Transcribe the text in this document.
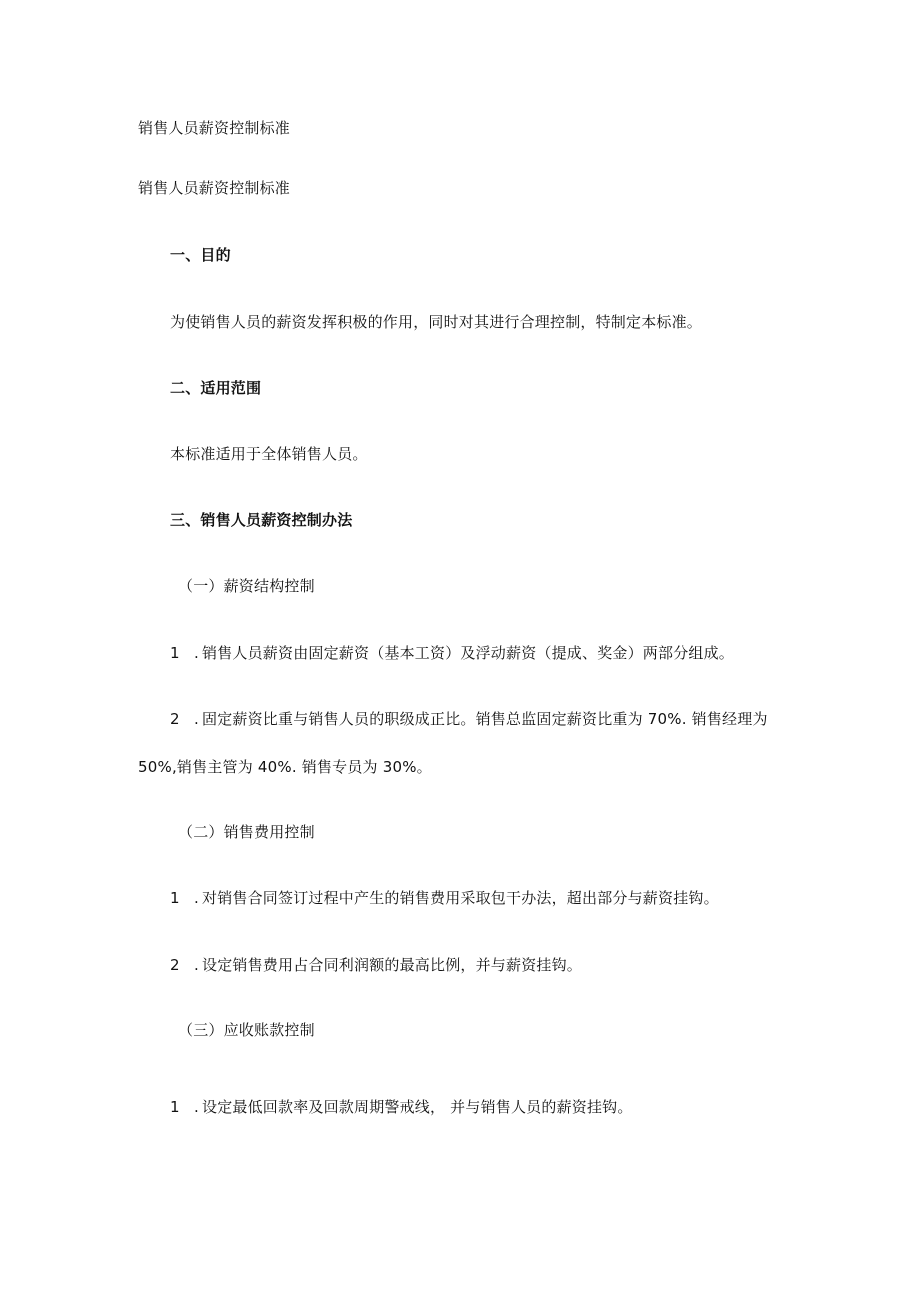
销售人员薪资控制标准
销售人员薪资控制标准
一、目的
为使销售人员的薪资发挥积极的作用，同时对其进行合理控制，特制定本标准。
二、适用范围
本标准适用于全体销售人员。
三、销售人员薪资控制办法
（一）薪资结构控制
1 . 销售人员薪资由固定薪资（基本工资）及浮动薪资（提成、奖金）两部分组成。
2 . 固定薪资比重与销售人员的职级成正比。销售总监固定薪资比重为 70%. 销售经理为
50%,销售主管为 40%. 销售专员为 30%。
（二）销售费用控制
1 . 对销售合同签订过程中产生的销售费用采取包干办法，超出部分与薪资挂钩。
2 . 设定销售费用占合同利润额的最高比例，并与薪资挂钩。
（三）应收账款控制
1 . 设定最低回款率及回款周期警戒线， 并与销售人员的薪资挂钩。
